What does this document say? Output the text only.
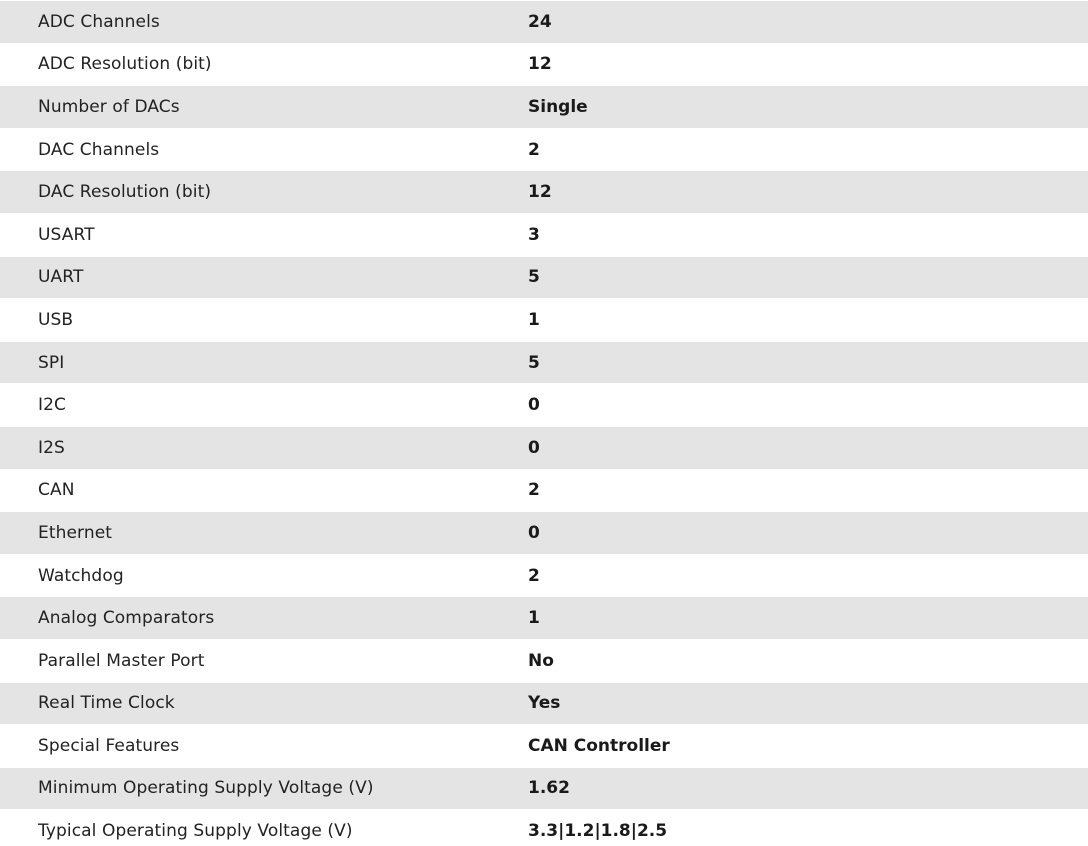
ADC Channels	24
ADC Resolution (bit)	12
Number of DACs	Single
DAC Channels	2
DAC Resolution (bit)	12
USART	3
UART	5
USB	1
SPI	5
I2C	0
I2S	0
CAN	2
Ethernet	0
Watchdog	2
Analog Comparators	1
Parallel Master Port	No
Real Time Clock	Yes
Special Features	CAN Controller
Minimum Operating Supply Voltage (V)	1.62
Typical Operating Supply Voltage (V)	3.3|1.2|1.8|2.5
